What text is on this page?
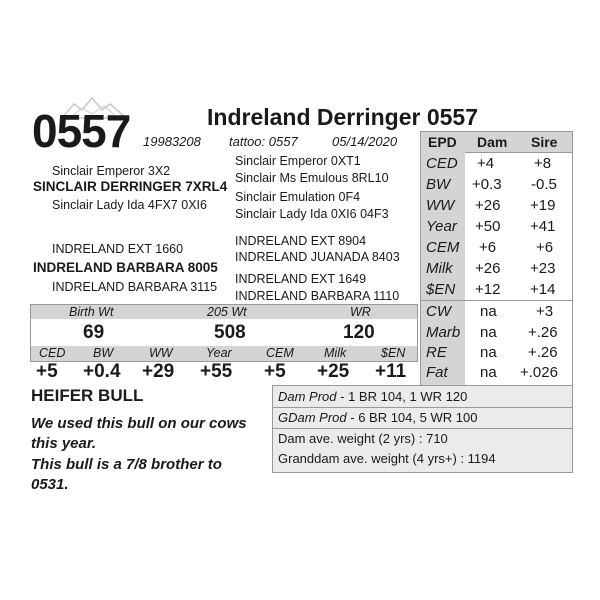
0557	Indreland Derringer 0557
19983208 tattoo: 0557	05/14/2020
Sinclair Emperor 3X2
SINCLAIR DERRINGER 7XRL4
Sinclair Lady Ida 4FX7 0XI6
Sinclair Emperor 0XT1
Sinclair Ms Emulous 8RL10
Sinclair Emulation 0F4
Sinclair Lady Ida 0XI6 04F3
INDRELAND EXT 1660
INDRELAND BARBARA 8005
INDRELAND BARBARA 3115
INDRELAND EXT 8904
INDRELAND JUANADA 8403
INDRELAND EXT 1649
INDRELAND BARBARA 1110
Birth Wt	205 Wt	WR
69	508	120
CED BW	WW	Year	CEM Milk	$EN
+5 +0.4 +29 +55 +5 +25 +11
EPD Dam Sire
CED +4	+8
BW +0.3 -0.5
WW +26 +19
Year +50 +41
CEM +6	+6
Milk +26 +23
$EN +12 +14
CW na	+3
Marb na +.26
RE na +.26
Fat na +.026
HEIFER BULL
We used this bull on our cows
this year.
This bull is a 7/8 brother to
0531.
Dam Prod - 1 BR 104, 1 WR 120
GDam Prod - 6 BR 104, 5 WR 100
Dam ave. weight (2 yrs) : 710
Granddam ave. weight (4 yrs+) : 1194
